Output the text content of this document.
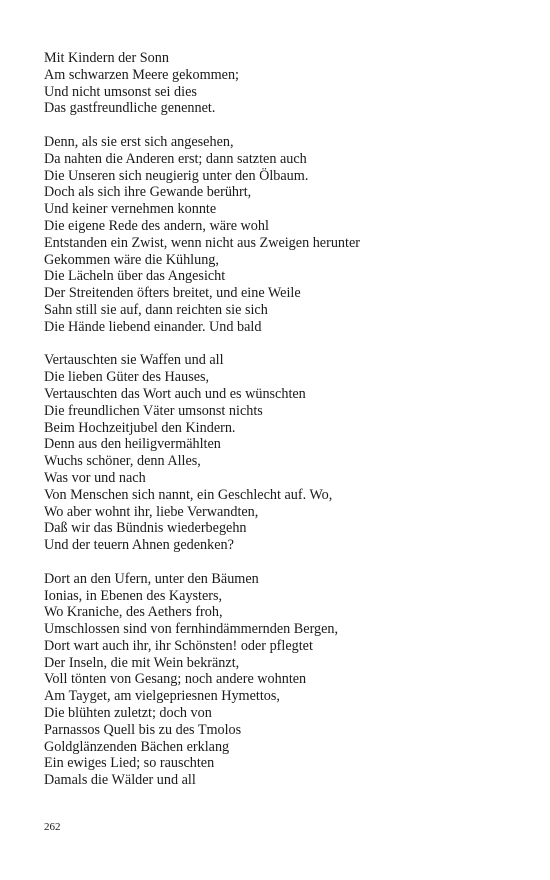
Mit Kindern der Sonn
Am schwarzen Meere gekommen;
Und nicht umsonst sei dies
Das gastfreundliche genennet.
Denn, als sie erst sich angesehen,
Da nahten die Anderen erst; dann satzten auch
Die Unseren sich neugierig unter den Ölbaum.
Doch als sich ihre Gewande berührt,
Und keiner vernehmen konnte
Die eigene Rede des andern, wäre wohl
Entstanden ein Zwist, wenn nicht aus Zweigen herunter
Gekommen wäre die Kühlung,
Die Lächeln über das Angesicht
Der Streitenden öfters breitet, und eine Weile
Sahn still sie auf, dann reichten sie sich
Die Hände liebend einander. Und bald
Vertauschten sie Waffen und all
Die lieben Güter des Hauses,
Vertauschten das Wort auch und es wünschten
Die freundlichen Väter umsonst nichts
Beim Hochzeitjubel den Kindern.
Denn aus den heiligvermählten
Wuchs schöner, denn Alles,
Was vor und nach
Von Menschen sich nannt, ein Geschlecht auf. Wo,
Wo aber wohnt ihr, liebe Verwandten,
Daß wir das Bündnis wiederbegehn
Und der teuern Ahnen gedenken?
Dort an den Ufern, unter den Bäumen
Ionias, in Ebenen des Kaysters,
Wo Kraniche, des Aethers froh,
Umschlossen sind von fernhindämmernden Bergen,
Dort wart auch ihr, ihr Schönsten! oder pflegtet
Der Inseln, die mit Wein bekränzt,
Voll tönten von Gesang; noch andere wohnten
Am Tayget, am vielgepriesnen Hymettos,
Die blühten zuletzt; doch von
Parnassos Quell bis zu des Tmolos
Goldglänzenden Bächen erklang
Ein ewiges Lied; so rauschten
Damals die Wälder und all
262
